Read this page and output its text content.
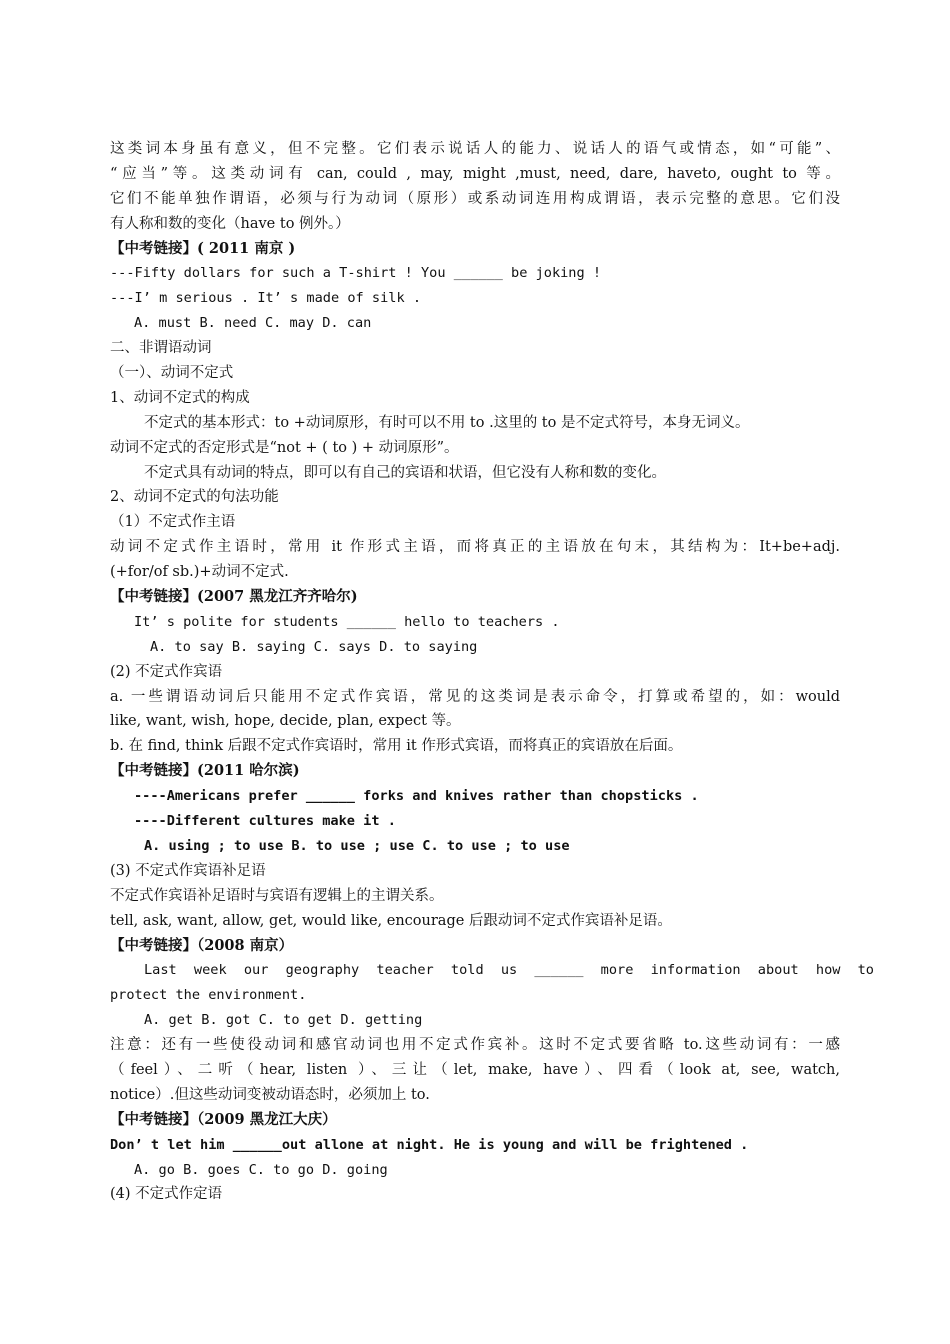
这类词本身虽有意义，但不完整。它们表示说话人的能力、说话人的语气或情态，如“可能”、
“应当”等。这类动词有 can, could , may, might ,must, need, dare, haveto, ought to 等。
它们不能单独作谓语，必须与行为动词（原形）或系动词连用构成谓语，表示完整的意思。它们没
有人称和数的变化（have to 例外。）
【中考链接】( 2011 南京 )
---Fifty dollars for such a T-shirt ! You ______ be joking !
---I’ m serious . It’ s made of silk .
A. must B. need C. may D. can
二、非谓语动词
（一）、动词不定式
1、动词不定式的构成
不定式的基本形式：to +动词原形，有时可以不用 to .这里的 to 是不定式符号，本身无词义。
动词不定式的否定形式是“not + ( to ) + 动词原形”。
不定式具有动词的特点，即可以有自己的宾语和状语，但它没有人称和数的变化。
2、动词不定式的句法功能
（1）不定式作主语
动词不定式作主语时，常用 it 作形式主语，而将真正的主语放在句末，其结构为：It+be+adj.
(+for/of sb.)+动词不定式.
【中考链接】(2007 黑龙江齐齐哈尔)
It’ s polite for students ______ hello to teachers .
A. to say B. saying C. says D. to saying
(2) 不定式作宾语
a. 一些谓语动词后只能用不定式作宾语，常见的这类词是表示命令，打算或希望的，如：would
like, want, wish, hope, decide, plan, expect 等。
b. 在 find, think 后跟不定式作宾语时，常用 it 作形式宾语，而将真正的宾语放在后面。
【中考链接】(2011 哈尔滨)
----Americans prefer ______ forks and knives rather than chopsticks .
----Different cultures make it .
A. using ; to use B. to use ; use C. to use ; to use
(3) 不定式作宾语补足语
不定式作宾语补足语时与宾语有逻辑上的主谓关系。
tell, ask, want, allow, get, would like, encourage 后跟动词不定式作宾语补足语。
【中考链接】（2008 南京）
Last week our geography teacher told us ______ more information about how to
protect the environment.
A. get B. got C. to get D. getting
注意：还有一些使役动词和感官动词也用不定式作宾补。这时不定式要省略 to.这些动词有：一感
（feel）、二听（hear, listen ）、三让（let, make, have）、四看（look at, see, watch,
notice）.但这些动词变被动语态时，必须加上 to.
【中考链接】（2009 黑龙江大庆）
Don’ t let him ______out allone at night. He is young and will be frightened .
A. go B. goes C. to go D. going
(4) 不定式作定语
